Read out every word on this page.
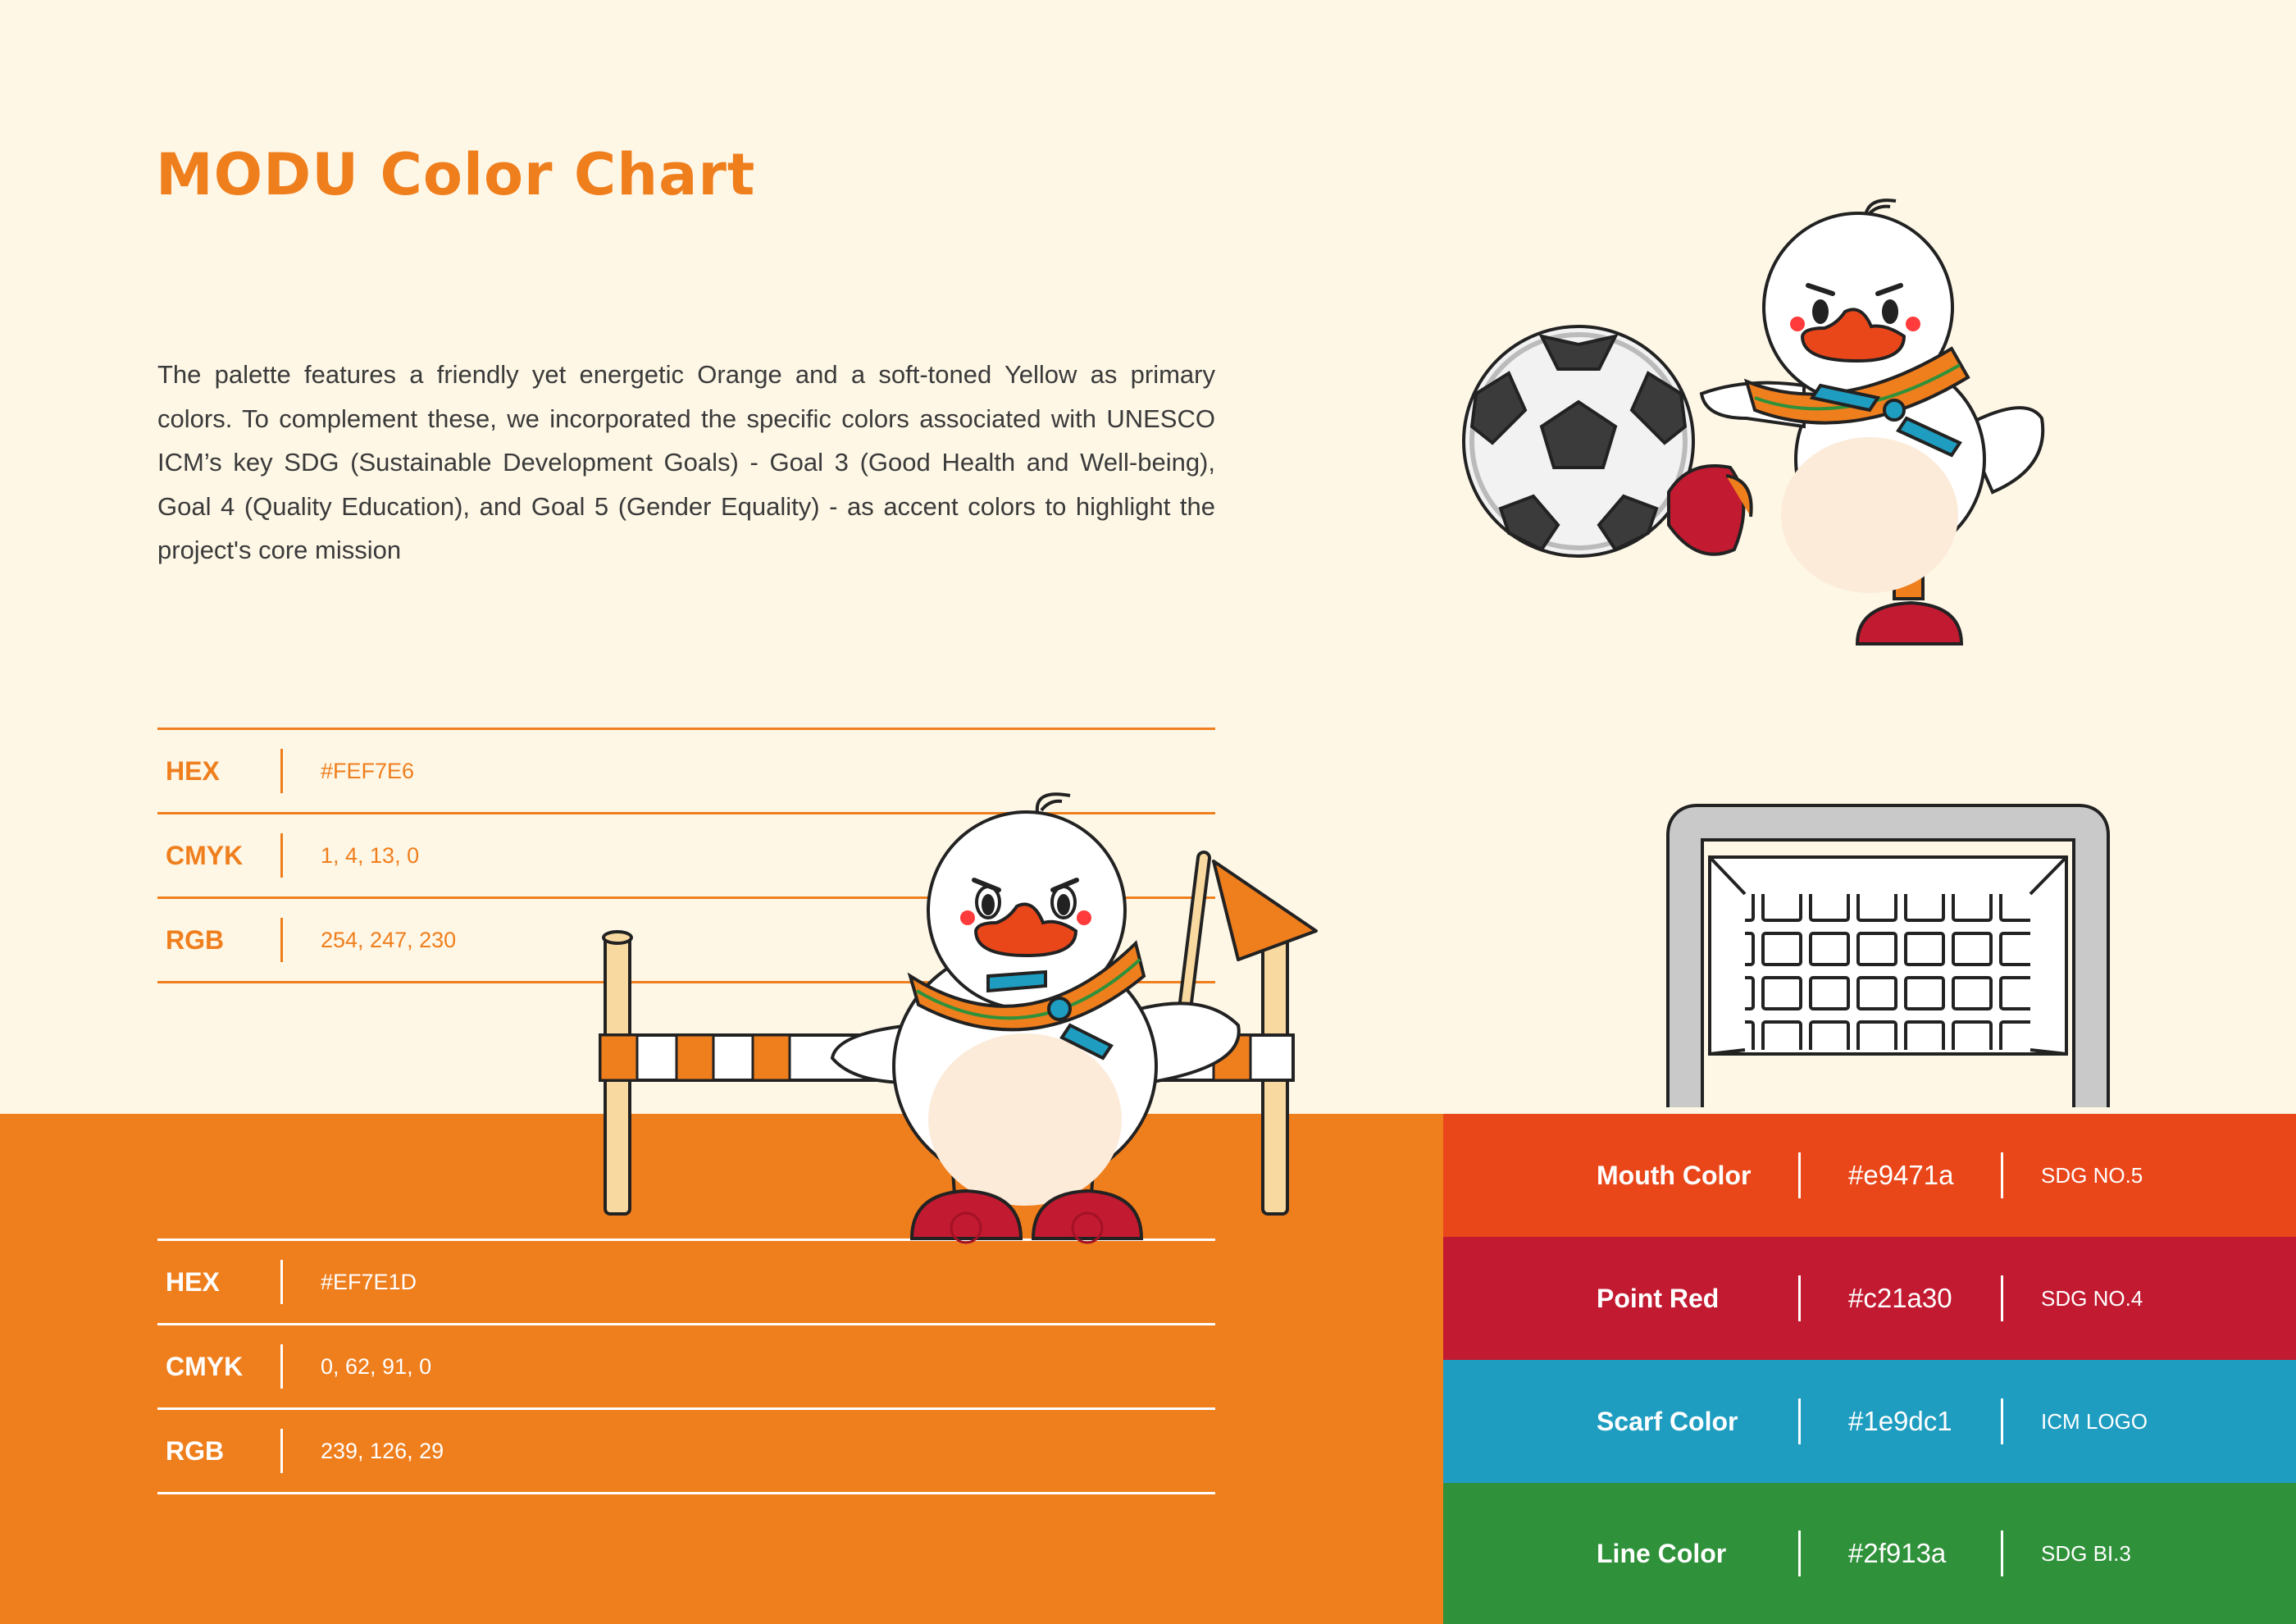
MODU Color Chart

The palette features a friendly yet energetic Orange and a soft-toned Yellow as primary colors. To complement these, we incorporated the specific colors associated with UNESCO ICM’s key SDG (Sustainable Development Goals) - Goal 3 (Good Health and Well-being), Goal 4 (Quality Education), and Goal 5 (Gender Equality) - as accent colors to highlight the project's core mission

HEX	#FEF7E6
CMYK	1, 4, 13, 0
RGB	254, 247, 230
HEX	#EF7E1D
CMYK	0, 62, 91, 0
RGB	239, 126, 29
Mouth Color	#e9471a	SDG NO.5
Point Red	#c21a30	SDG NO.4
Scarf Color	#1e9dc1	ICM LOGO
Line Color	#2f913a	SDG BI.3
